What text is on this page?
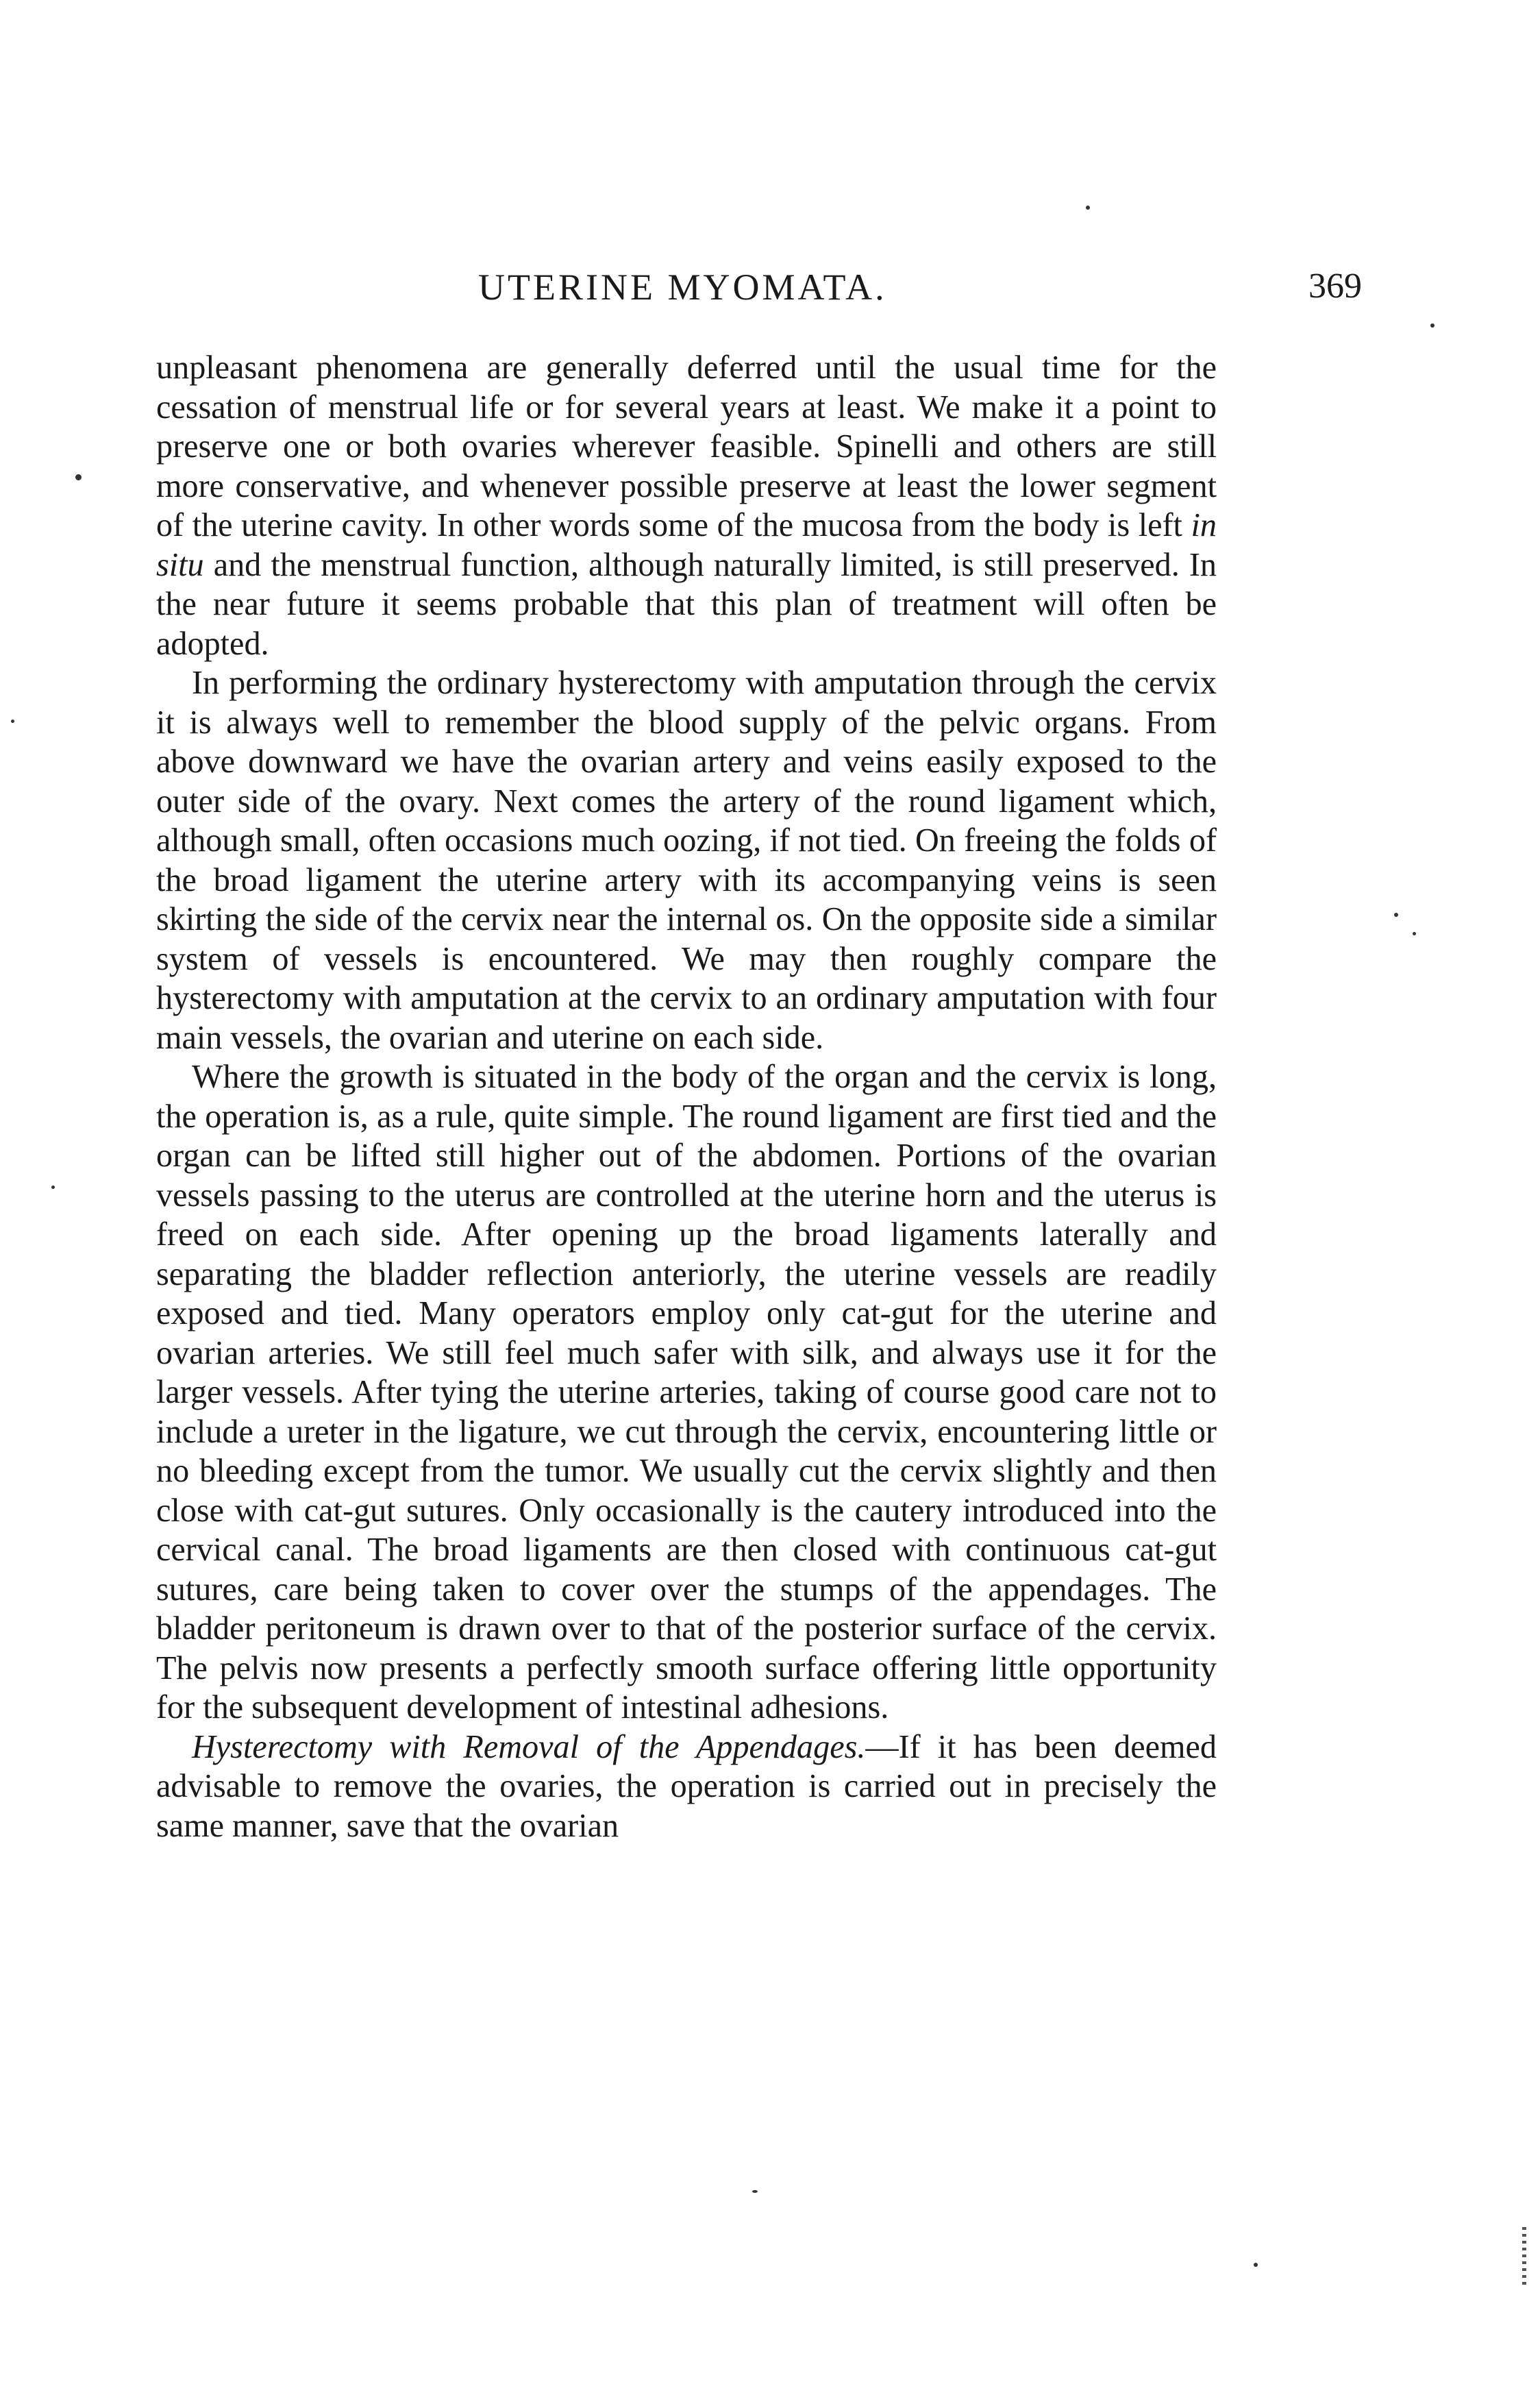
UTERINE MYOMATA.	369

unpleasant phenomena are generally deferred until the usual time for the cessation of menstrual life or for several years at least. We make it a point to preserve one or both ovaries wherever feasible. Spinelli and others are still more conservative, and whenever possible preserve at least the lower segment of the uterine cavity. In other words some of the mucosa from the body is left in situ and the menstrual function, although naturally limited, is still preserved. In the near future it seems probable that this plan of treatment will often be adopted.

In performing the ordinary hysterectomy with amputation through the cervix it is always well to remember the blood supply of the pelvic organs. From above downward we have the ovarian artery and veins easily exposed to the outer side of the ovary. Next comes the artery of the round ligament which, although small, often occasions much oozing, if not tied. On freeing the folds of the broad ligament the uterine artery with its accompanying veins is seen skirting the side of the cervix near the internal os. On the opposite side a similar system of vessels is encountered. We may then roughly compare the hysterectomy with amputation at the cervix to an ordinary amputation with four main vessels, the ovarian and uterine on each side.

Where the growth is situated in the body of the organ and the cervix is long, the operation is, as a rule, quite simple. The round ligament are first tied and the organ can be lifted still higher out of the abdomen. Portions of the ovarian vessels passing to the uterus are controlled at the uterine horn and the uterus is freed on each side. After opening up the broad ligaments laterally and separating the bladder reflection anteriorly, the uterine vessels are readily exposed and tied. Many operators employ only cat-gut for the uterine and ovarian arteries. We still feel much safer with silk, and always use it for the larger vessels. After tying the uterine arteries, taking of course good care not to include a ureter in the ligature, we cut through the cervix, encountering little or no bleeding except from the tumor. We usually cut the cervix slightly and then close with cat-gut sutures. Only occasionally is the cautery introduced into the cervical canal. The broad ligaments are then closed with continuous cat-gut sutures, care being taken to cover over the stumps of the appendages. The bladder peritoneum is drawn over to that of the posterior surface of the cervix. The pelvis now presents a perfectly smooth surface offering little opportunity for the subsequent development of intestinal adhesions.

Hysterectomy with Removal of the Appendages.—If it has been deemed advisable to remove the ovaries, the operation is carried out in precisely the same manner, save that the ovarian
